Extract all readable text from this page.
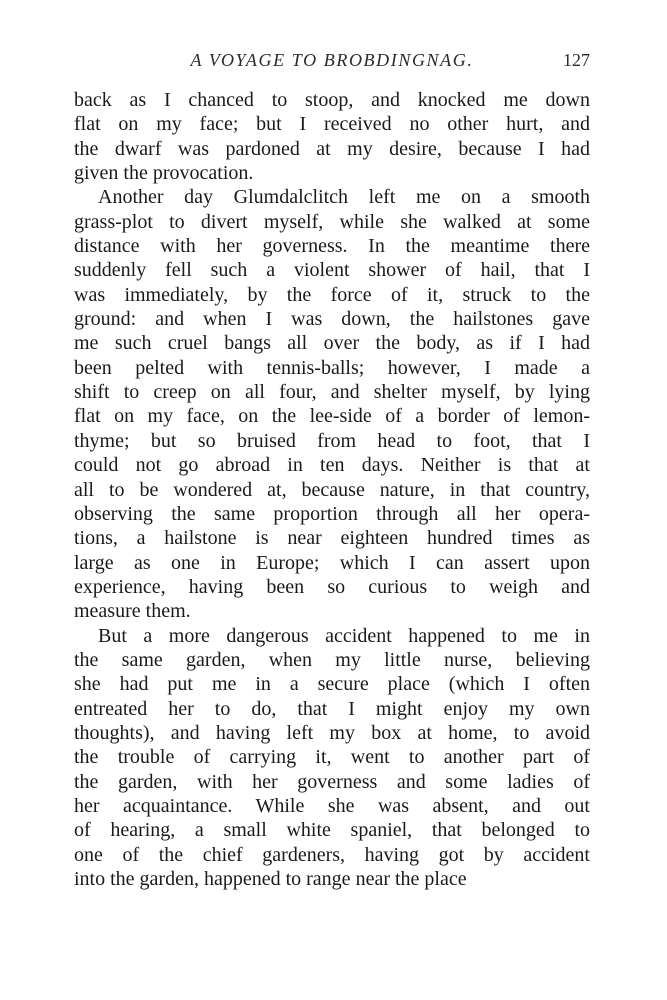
A VOYAGE TO BROBDINGNAG.	127
back as I chanced to stoop, and knocked me down
flat on my face; but I received no other hurt, and
the dwarf was pardoned at my desire, because I had
given the provocation.
Another day Glumdalclitch left me on a smooth
grass-plot to divert myself, while she walked at some
distance with her governess. In the meantime there
suddenly fell such a violent shower of hail, that I
was immediately, by the force of it, struck to the
ground: and when I was down, the hailstones gave
me such cruel bangs all over the body, as if I had
been pelted with tennis-balls; however, I made a
shift to creep on all four, and shelter myself, by lying
flat on my face, on the lee-side of a border of lemon-
thyme; but so bruised from head to foot, that I
could not go abroad in ten days. Neither is that at
all to be wondered at, because nature, in that country,
observing the same proportion through all her opera-
tions, a hailstone is near eighteen hundred times as
large as one in Europe; which I can assert upon
experience, having been so curious to weigh and
measure them.
But a more dangerous accident happened to me in
the same garden, when my little nurse, believing
she had put me in a secure place (which I often
entreated her to do, that I might enjoy my own
thoughts), and having left my box at home, to avoid
the trouble of carrying it, went to another part of
the garden, with her governess and some ladies of
her acquaintance. While she was absent, and out
of hearing, a small white spaniel, that belonged to
one of the chief gardeners, having got by accident
into the garden, happened to range near the place
